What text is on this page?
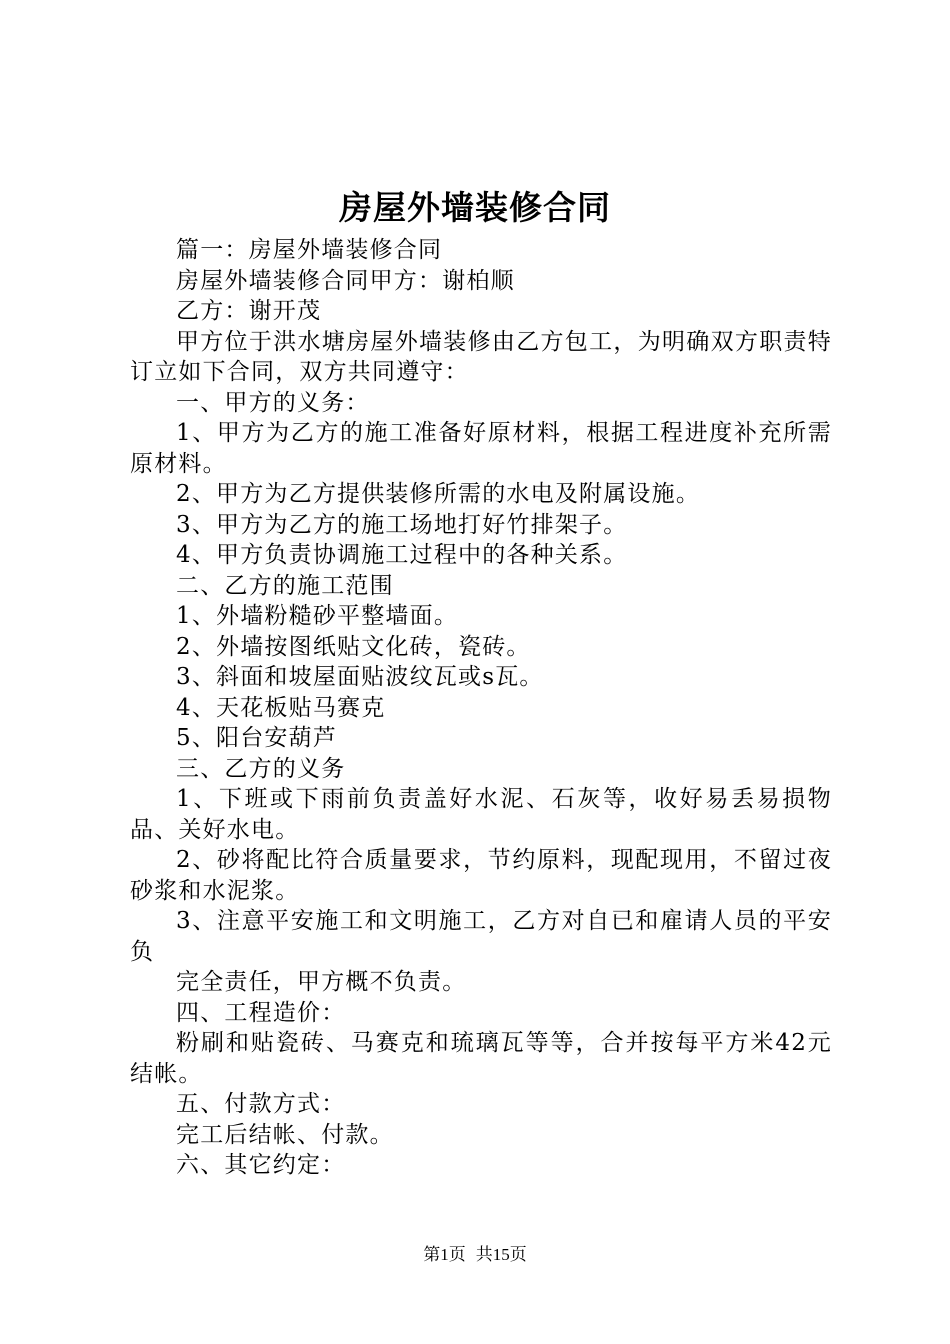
房屋外墙装修合同

篇一：房屋外墙装修合同

房屋外墙装修合同甲方：谢柏顺

乙方：谢开茂

甲方位于洪水塘房屋外墙装修由乙方包工，为明确双方职责特订立如下合同，双方共同遵守：

一、甲方的义务：

1、甲方为乙方的施工准备好原材料，根据工程进度补充所需原材料。

2、甲方为乙方提供装修所需的水电及附属设施。

3、甲方为乙方的施工场地打好竹排架子。

4、甲方负责协调施工过程中的各种关系。

二、乙方的施工范围

1、外墙粉糙砂平整墙面。

2、外墙按图纸贴文化砖，瓷砖。

3、斜面和坡屋面贴波纹瓦或s瓦。

4、天花板贴马赛克

5、阳台安葫芦

三、乙方的义务

1、下班或下雨前负责盖好水泥、石灰等，收好易丢易损物品、关好水电。

2、砂将配比符合质量要求，节约原料，现配现用，不留过夜砂浆和水泥浆。

3、注意平安施工和文明施工，乙方对自已和雇请人员的平安负

完全责任，甲方概不负责。

四、工程造价：

粉刷和贴瓷砖、马赛克和琉璃瓦等等，合并按每平方米42元结帐。

五、付款方式：

完工后结帐、付款。

六、其它约定：

第1页 共15页
